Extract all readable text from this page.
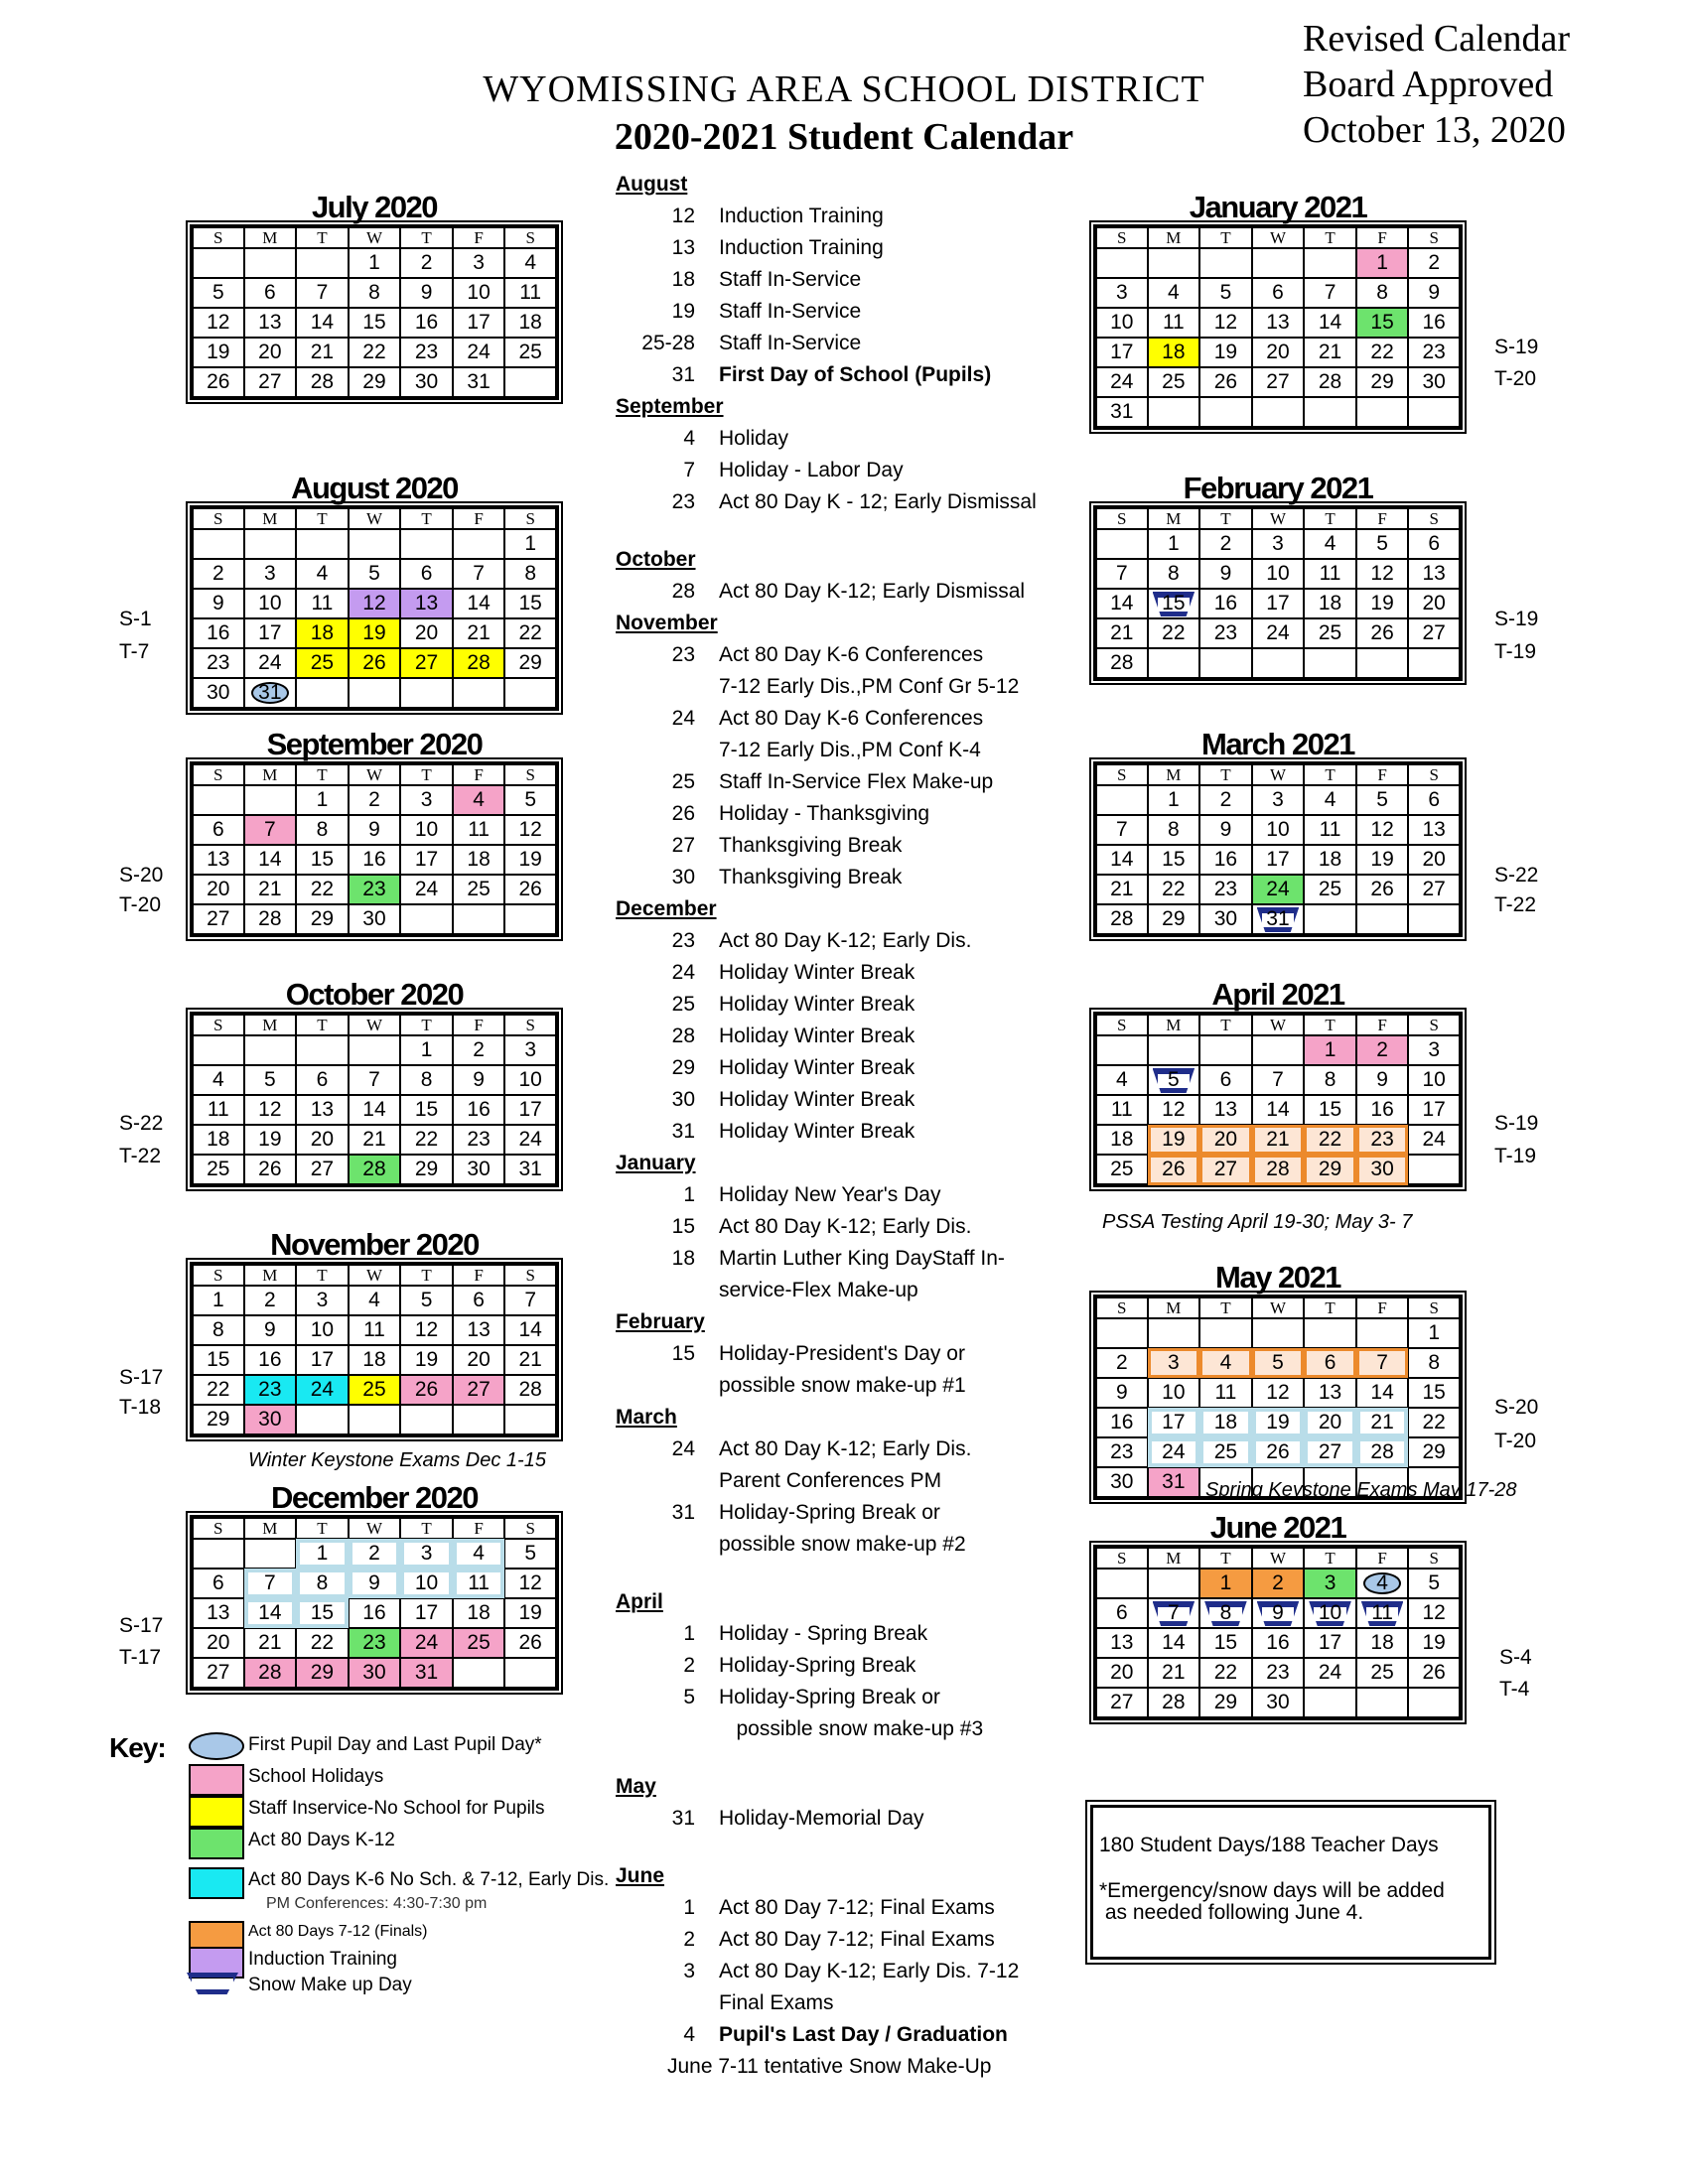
WYOMISSING AREA SCHOOL DISTRICT
2020-2021 Student Calendar
Revised Calendar
Board Approved
October 13, 2020
July 2020
S	M	T	W	T	F	S
			1	2	3	4
5	6	7	8	9	10	11
12	13	14	15	16	17	18
19	20	21	22	23	24	25
26	27	28	29	30	31	
August 2020
S	M	T	W	T	F	S
						1
2	3	4	5	6	7	8
9	10	11	12	13	14	15
16	17	18	19	20	21	22
23	24	25	26	27	28	29
30	31					
September 2020
S	M	T	W	T	F	S
		1	2	3	4	5
6	7	8	9	10	11	12
13	14	15	16	17	18	19
20	21	22	23	24	25	26
27	28	29	30			
October 2020
S	M	T	W	T	F	S
				1	2	3
4	5	6	7	8	9	10
11	12	13	14	15	16	17
18	19	20	21	22	23	24
25	26	27	28	29	30	31
November 2020
S	M	T	W	T	F	S
1	2	3	4	5	6	7
8	9	10	11	12	13	14
15	16	17	18	19	20	21
22	23	24	25	26	27	28
29	30					
December 2020
S	M	T	W	T	F	S
		1	2	3	4	5
6	7	8	9	10	11	12
13	14	15	16	17	18	19
20	21	22	23	24	25	26
27	28	29	30	31		
January 2021
S	M	T	W	T	F	S
					1	2
3	4	5	6	7	8	9
10	11	12	13	14	15	16
17	18	19	20	21	22	23
24	25	26	27	28	29	30
31						
February 2021
S	M	T	W	T	F	S
	1	2	3	4	5	6
7	8	9	10	11	12	13
14	15	16	17	18	19	20
21	22	23	24	25	26	27
28						
March 2021
S	M	T	W	T	F	S
	1	2	3	4	5	6
7	8	9	10	11	12	13
14	15	16	17	18	19	20
21	22	23	24	25	26	27
28	29	30	31			
April 2021
S	M	T	W	T	F	S
				1	2	3
4	5	6	7	8	9	10
11	12	13	14	15	16	17
18	19	20	21	22	23	24
25	26	27	28	29	30	
May 2021
S	M	T	W	T	F	S
						1
2	3	4	5	6	7	8
9	10	11	12	13	14	15
16	17	18	19	20	21	22
23	24	25	26	27	28	29
30	31					
June 2021
S	M	T	W	T	F	S
		1	2	3	4	5
6	7	8	9	10	11	12
13	14	15	16	17	18	19
20	21	22	23	24	25	26
27	28	29	30			
S-1
T-7
S-20
T-20
S-22
T-22
S-17
T-18
S-17
T-17
S-19
T-20
S-19
T-19
S-22
T-22
S-19
T-19
S-20
T-20
S-4
T-4
Winter Keystone Exams Dec 1-15
PSSA Testing April 19-30; May 3- 7
Spring Keystone Exams May 17-28
August
12 Induction Training
13 Induction Training
18 Staff In-Service
19 Staff In-Service
25-28 Staff In-Service
31 First Day of School (Pupils)
September
4 Holiday
7 Holiday - Labor Day
23 Act 80 Day K - 12; Early Dismissal
October
28 Act 80 Day K-12; Early Dismissal
November
23 Act 80 Day K-6 Conferences
7-12 Early Dis.,PM Conf Gr 5-12
24 Act 80 Day K-6 Conferences
7-12 Early Dis.,PM Conf K-4
25 Staff In-Service Flex Make-up
26 Holiday - Thanksgiving
27 Thanksgiving Break
30 Thanksgiving Break
December
23 Act 80 Day K-12; Early Dis.
24 Holiday Winter Break
25 Holiday Winter Break
28 Holiday Winter Break
29 Holiday Winter Break
30 Holiday Winter Break
31 Holiday Winter Break
January
1 Holiday New Year's Day
15 Act 80 Day K-12; Early Dis.
18 Martin Luther King DayStaff In-
service-Flex Make-up
February
15 Holiday-President's Day or
possible snow make-up #1
March
24 Act 80 Day K-12; Early Dis.
Parent Conferences PM
31 Holiday-Spring Break or
possible snow make-up #2
April
1 Holiday - Spring Break
2 Holiday-Spring Break
5 Holiday-Spring Break or
possible snow make-up #3
May
31 Holiday-Memorial Day
June
1 Act 80 Day 7-12; Final Exams
2 Act 80 Day 7-12; Final Exams
3 Act 80 Day K-12; Early Dis. 7-12
Final Exams
4 Pupil's Last Day / Graduation
June 7-11 tentative Snow Make-Up
Key:	First Pupil Day and Last Pupil Day*
School Holidays
Staff Inservice-No School for Pupils
Act 80 Days K-12
Act 80 Days K-6 No Sch. & 7-12, Early Dis.
PM Conferences: 4:30-7:30 pm
Act 80 Days 7-12 (Finals)
Induction Training
Snow Make up Day
180 Student Days/188 Teacher Days
*Emergency/snow days will be added
as needed following June 4.
